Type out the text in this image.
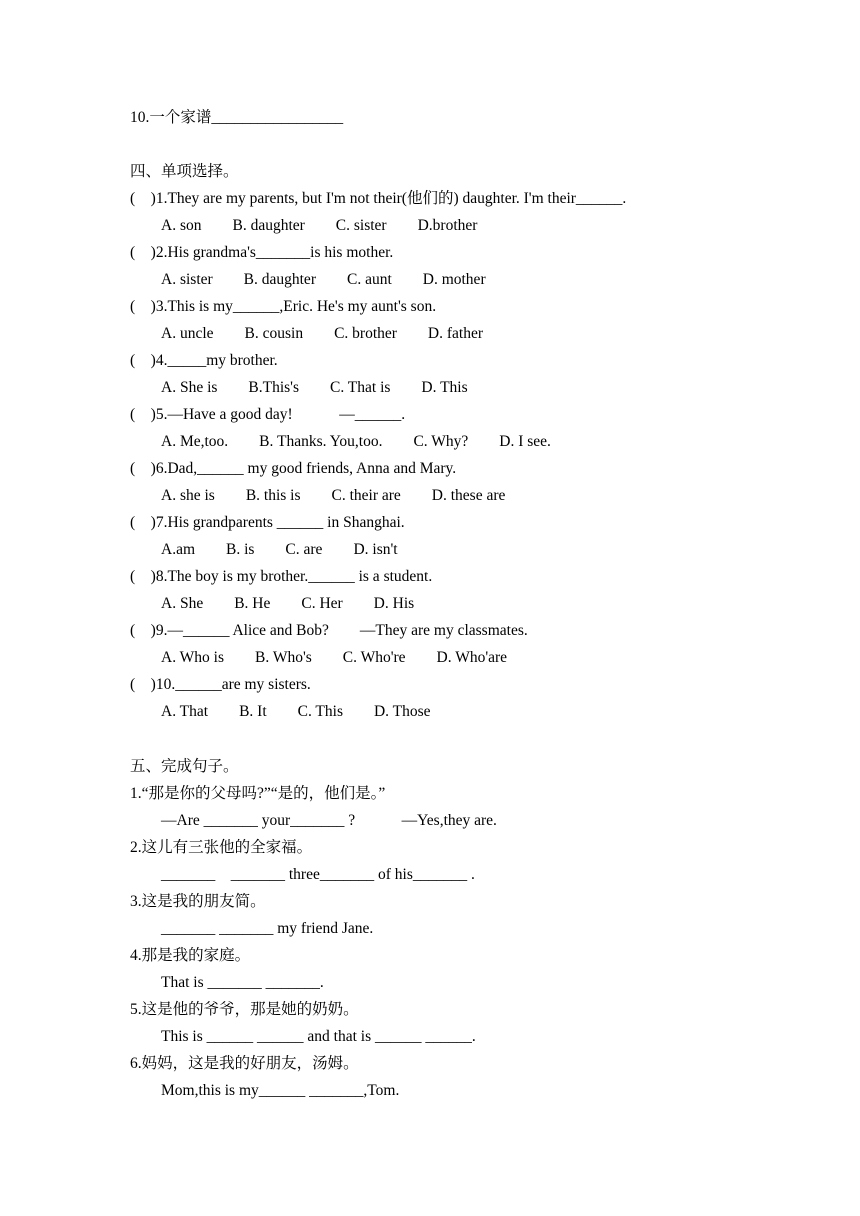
10.一个家谱_________________
四、单项选择。
(    )1.They are my parents, but I'm not their(他们的) daughter. I'm their______.
A. son        B. daughter        C. sister        D.brother
(    )2.His grandma's_______is his mother.
A. sister        B. daughter        C. aunt        D. mother
(    )3.This is my______,Eric. He's my aunt's son.
A. uncle        B. cousin        C. brother        D. father
(    )4._____my brother.
A. She is        B.This's        C. That is        D. This
(    )5.—Have a good day!            —______.
A. Me,too.        B. Thanks. You,too.        C. Why?        D. I see.
(    )6.Dad,______ my good friends, Anna and Mary.
A. she is        B. this is        C. their are        D. these are
(    )7.His grandparents ______ in Shanghai.
A.am        B. is        C. are        D. isn't
(    )8.The boy is my brother.______ is a student.
A. She        B. He        C. Her        D. His
(    )9.—______ Alice and Bob?        —They are my classmates.
A. Who is        B. Who's        C. Who're        D. Who'are
(    )10.______are my sisters.
A. That        B. It        C. This        D. Those
五、完成句子。
1.“那是你的父母吗?”“是的，他们是。”
—Are _______ your_______ ?            —Yes,they are.
2.这儿有三张他的全家福。
_______    _______ three_______ of his_______ .
3.这是我的朋友简。
_______ _______ my friend Jane.
4.那是我的家庭。
That is _______ _______.
5.这是他的爷爷，那是她的奶奶。
This is ______ ______ and that is ______ ______.
6.妈妈，这是我的好朋友，汤姆。
Mom,this is my______ _______,Tom.
